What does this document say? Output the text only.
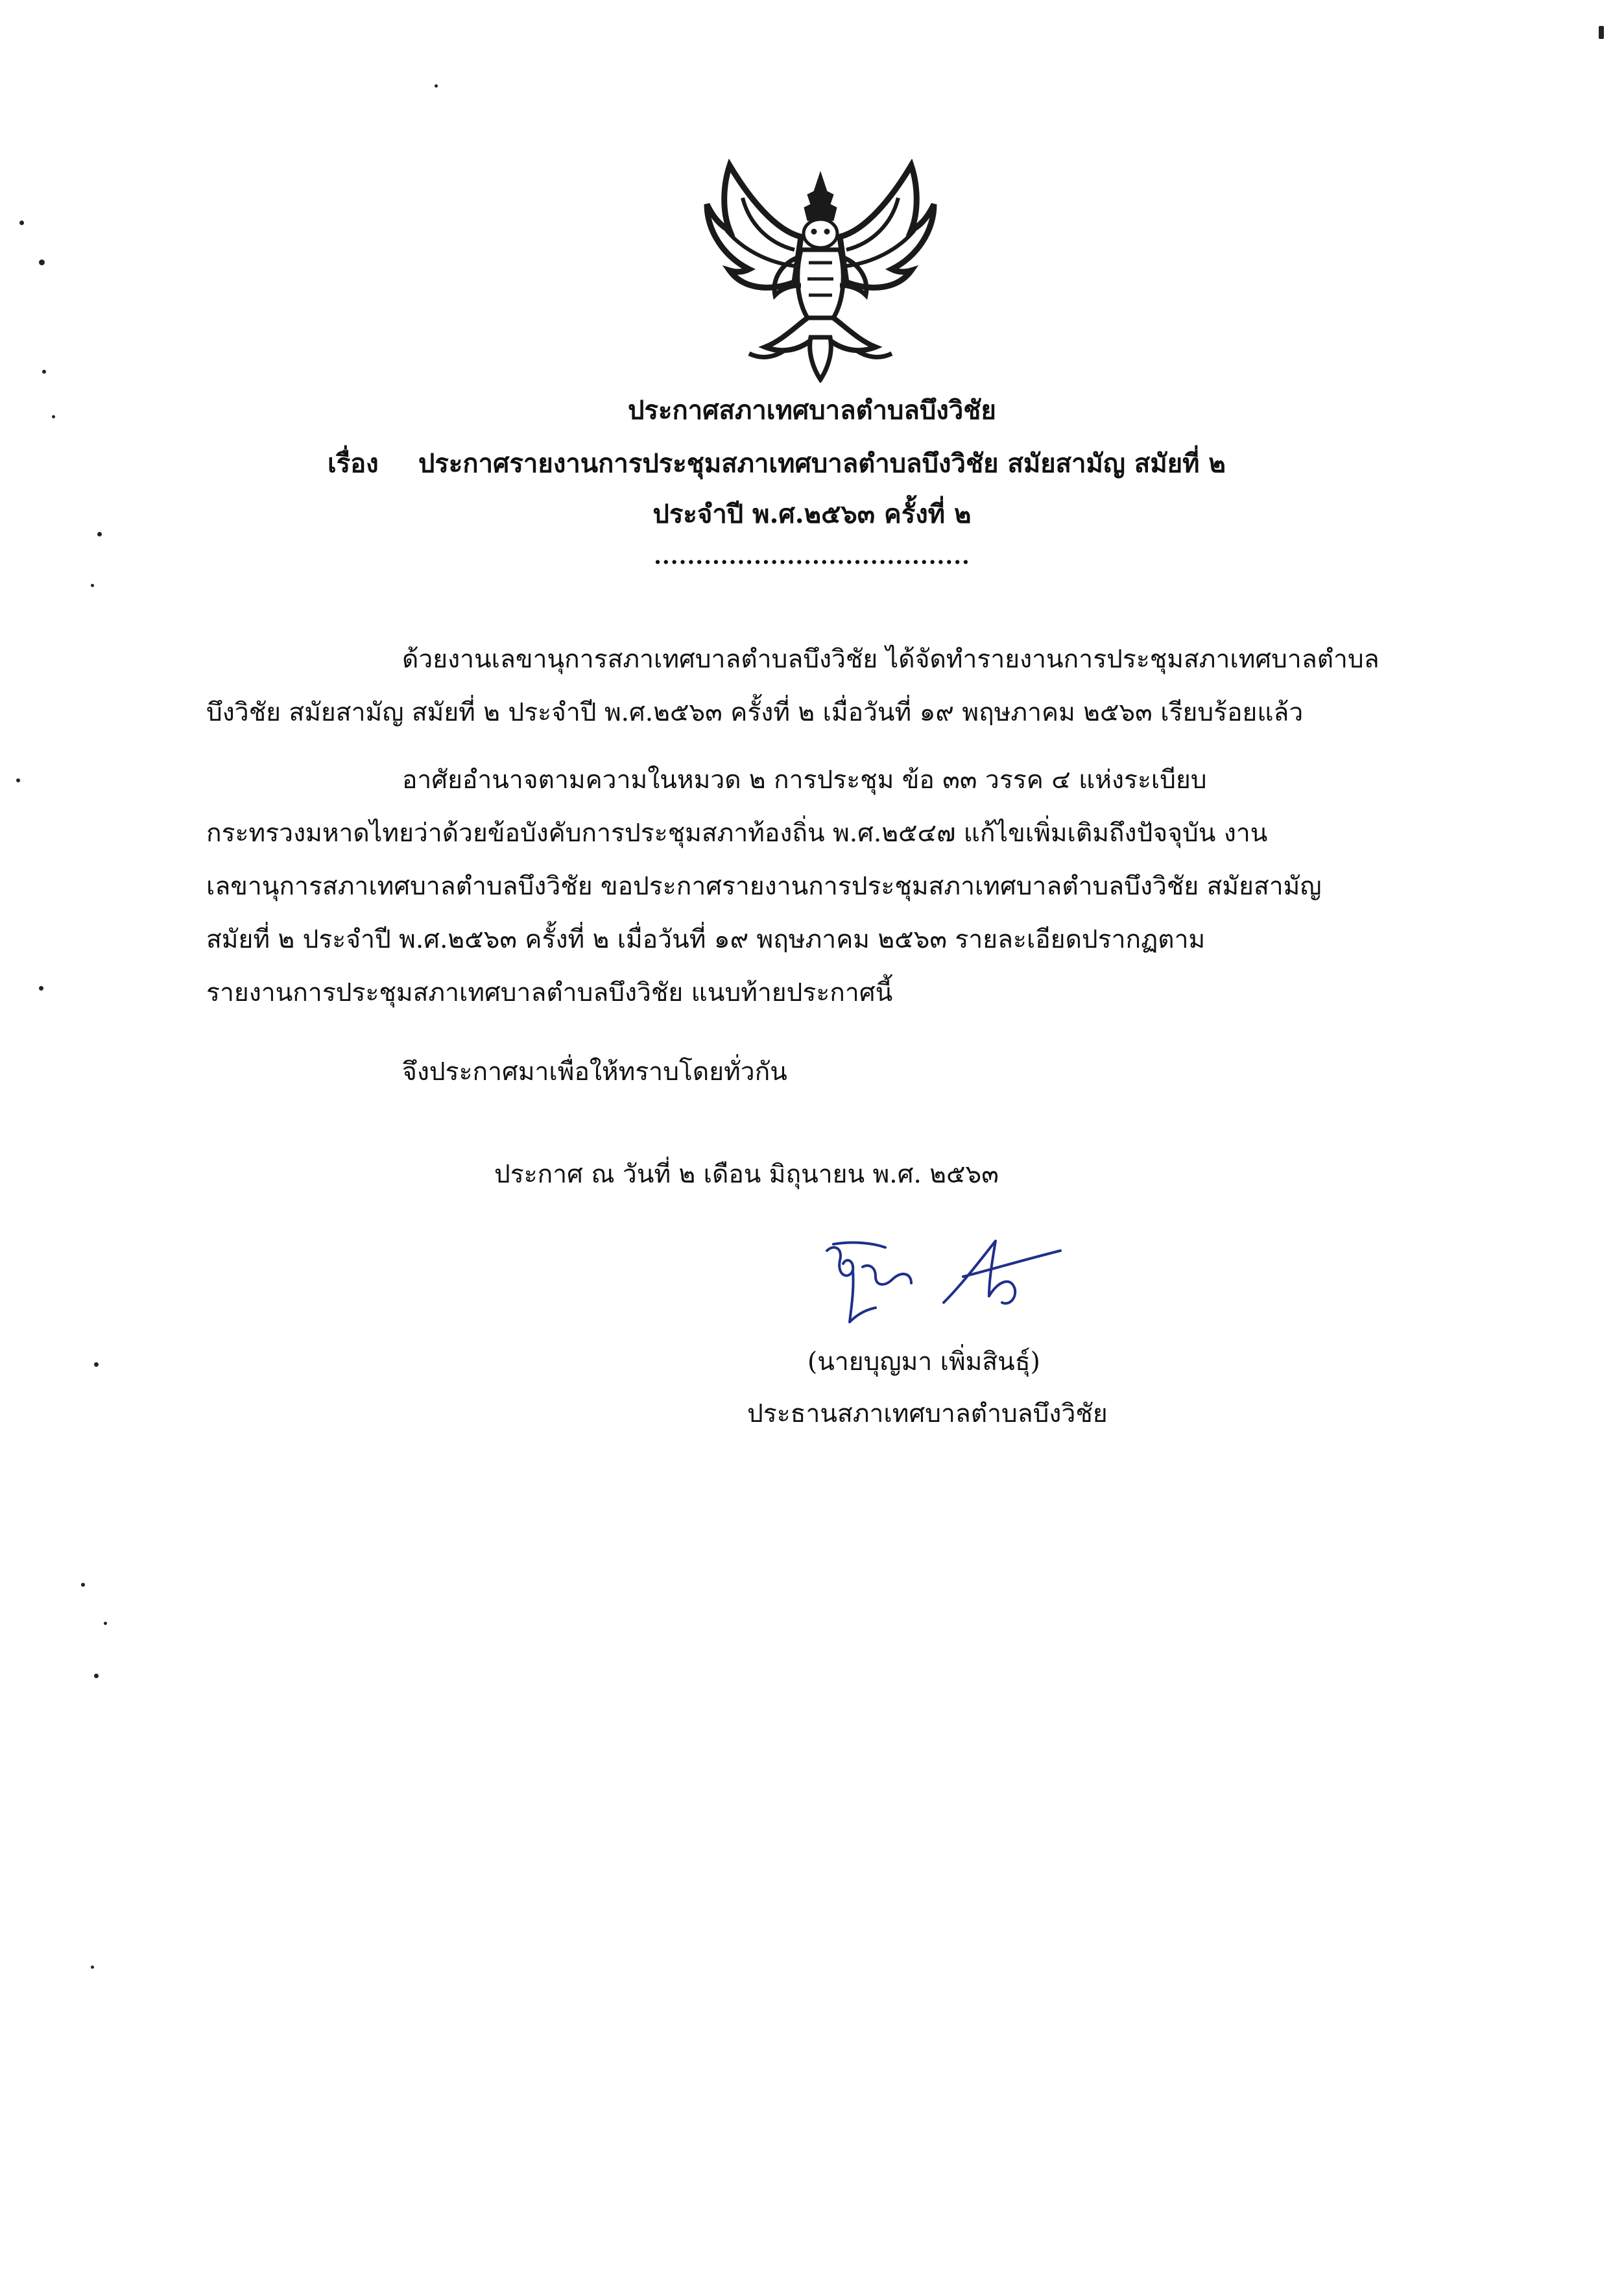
ประกาศสภาเทศบาลตำบลบึงวิชัย
เรื่อง ประกาศรายงานการประชุมสภาเทศบาลตำบลบึงวิชัย สมัยสามัญ สมัยที่ ๒
ประจำปี พ.ศ.๒๕๖๓ ครั้งที่ ๒
......................................
ด้วยงานเลขานุการสภาเทศบาลตำบลบึงวิชัย ได้จัดทำรายงานการประชุมสภาเทศบาลตำบล
บึงวิชัย สมัยสามัญ สมัยที่ ๒ ประจำปี พ.ศ.๒๕๖๓ ครั้งที่ ๒ เมื่อวันที่ ๑๙ พฤษภาคม ๒๕๖๓ เรียบร้อยแล้ว
อาศัยอำนาจตามความในหมวด ๒ การประชุม ข้อ ๓๓ วรรค ๔ แห่งระเบียบ
กระทรวงมหาดไทยว่าด้วยข้อบังคับการประชุมสภาท้องถิ่น พ.ศ.๒๕๔๗ แก้ไขเพิ่มเติมถึงปัจจุบัน งาน
เลขานุการสภาเทศบาลตำบลบึงวิชัย ขอประกาศรายงานการประชุมสภาเทศบาลตำบลบึงวิชัย สมัยสามัญ
สมัยที่ ๒ ประจำปี พ.ศ.๒๕๖๓ ครั้งที่ ๒ เมื่อวันที่ ๑๙ พฤษภาคม ๒๕๖๓ รายละเอียดปรากฏตาม
รายงานการประชุมสภาเทศบาลตำบลบึงวิชัย แนบท้ายประกาศนี้
จึงประกาศมาเพื่อให้ทราบโดยทั่วกัน
ประกาศ ณ วันที่ ๒ เดือน มิถุนายน พ.ศ. ๒๕๖๓
(นายบุญมา เพิ่มสินธุ์)
ประธานสภาเทศบาลตำบลบึงวิชัย
